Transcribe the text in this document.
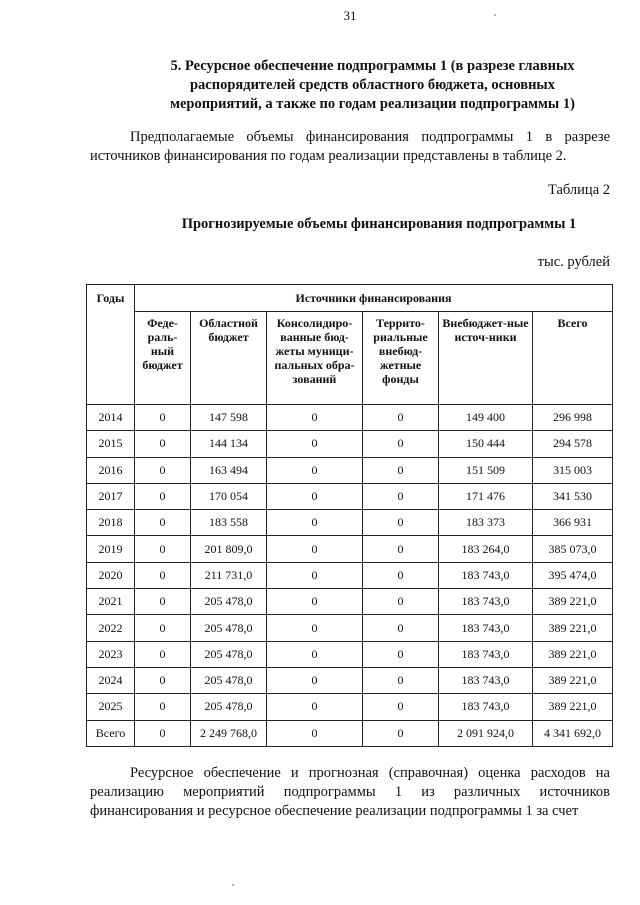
31
5. Ресурсное обеспечение подпрограммы 1 (в разрезе главных распорядителей средств областного бюджета, основных мероприятий, а также по годам реализации подпрограммы 1)
Предполагаемые объемы финансирования подпрограммы 1 в разрезе источников финансирования по годам реализации представлены в таблице 2.
Таблица 2
Прогнозируемые объемы финансирования подпрограммы 1
тыс. рублей
Годы	Источники финансирования					
	Феде-раль-ный бюджет	Областной бюджет	Консолидиро-ванные бюд-жеты муници-пальных обра-зований	Террито-риальные внебюд-жетные фонды	Внебюджет-ные источ-ники	Всего
2014	0	147 598	0	0	149 400	296 998
2015	0	144 134	0	0	150 444	294 578
2016	0	163 494	0	0	151 509	315 003
2017	0	170 054	0	0	171 476	341 530
2018	0	183 558	0	0	183 373	366 931
2019	0	201 809,0	0	0	183 264,0	385 073,0
2020	0	211 731,0	0	0	183 743,0	395 474,0
2021	0	205 478,0	0	0	183 743,0	389 221,0
2022	0	205 478,0	0	0	183 743,0	389 221,0
2023	0	205 478,0	0	0	183 743,0	389 221,0
2024	0	205 478,0	0	0	183 743,0	389 221,0
2025	0	205 478,0	0	0	183 743,0	389 221,0
Всего	0	2 249 768,0	0	0	2 091 924,0	4 341 692,0
Ресурсное обеспечение и прогнозная (справочная) оценка расходов на реализацию мероприятий подпрограммы 1 из различных источников финансирования и ресурсное обеспечение реализации подпрограммы 1 за счет
